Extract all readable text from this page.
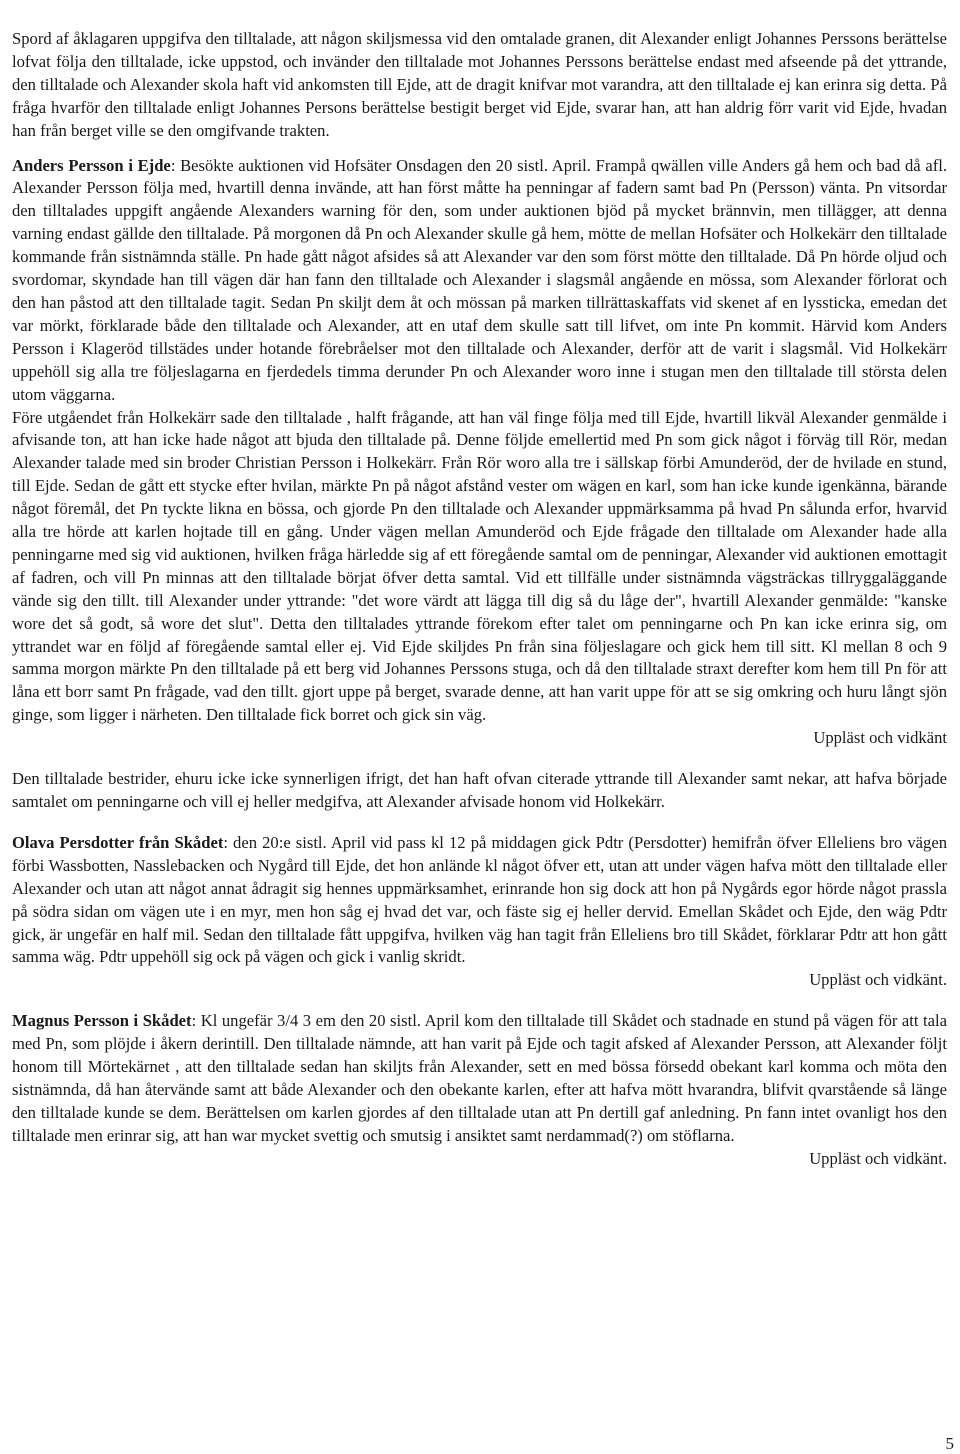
Spord af åklagaren uppgifva den tilltalade, att någon skiljsmessa vid den omtalade granen, dit Alexander enligt Johannes Perssons berättelse lofvat följa den tilltalade, icke uppstod, och invänder den tilltalade mot Johannes Perssons berättelse endast med afseende på det yttrande, den tilltalade och Alexander skola haft vid ankomsten till Ejde, att de dragit knifvar mot varandra, att den tilltalade ej kan erinra sig detta. På fråga hvarför den tilltalade enligt Johannes Persons berättelse bestigit berget vid Ejde, svarar han, att han aldrig förr varit vid Ejde, hvadan han från berget ville se den omgifvande trakten.

Anders Persson i Ejde: Besökte auktionen vid Hofsäter Onsdagen den 20 sistl. April. Frampå qwällen ville Anders gå hem och bad då afl. Alexander Persson följa med, hvartill denna invände, att han först måtte ha penningar af fadern samt bad Pn (Persson) vänta. Pn vitsordar den tilltalades uppgift angående Alexanders warning för den, som under auktionen bjöd på mycket brännvin, men tillägger, att denna varning endast gällde den tilltalade. På morgonen då Pn och Alexander skulle gå hem, mötte de mellan Hofsäter och Holkekärr den tilltalade kommande från sistnämnda ställe. Pn hade gått något afsides så att Alexander var den som först mötte den tilltalade. Då Pn hörde oljud och svordomar, skyndade han till vägen där han fann den tilltalade och Alexander i slagsmål angående en mössa, som Alexander förlorat och den han påstod att den tilltalade tagit. Sedan Pn skiljt dem åt och mössan på marken tillrättaskaffats vid skenet af en lyssticka, emedan det var mörkt, förklarade både den tilltalade och Alexander, att en utaf dem skulle satt till lifvet, om inte Pn kommit. Härvid kom Anders Persson i Klageröd tillstädes under hotande förebråelser mot den tilltalade och Alexander, derför att de varit i slagsmål. Vid Holkekärr uppehöll sig alla tre följeslagarna en fjerdedels timma derunder Pn och Alexander woro inne i stugan men den tilltalade till största delen utom väggarna.

Före utgåendet från Holkekärr sade den tilltalade , halft frågande, att han väl finge följa med till Ejde, hvartill likväl Alexander genmälde i afvisande ton, att han icke hade något att bjuda den tilltalade på. Denne följde emellertid med Pn som gick något i förväg till Rör, medan Alexander talade med sin broder Christian Persson i Holkekärr. Från Rör woro alla tre i sällskap förbi Amunderöd, der de hvilade en stund, till Ejde. Sedan de gått ett stycke efter hvilan, märkte Pn på något afstånd vester om wägen en karl, som han icke kunde igenkänna, bärande något föremål, det Pn tyckte likna en bössa, och gjorde Pn den tilltalade och Alexander uppmärksamma på hvad Pn sålunda erfor, hvarvid alla tre hörde att karlen hojtade till en gång. Under vägen mellan Amunderöd och Ejde frågade den tilltalade om Alexander hade alla penningarne med sig vid auktionen, hvilken fråga härledde sig af ett föregående samtal om de penningar, Alexander vid auktionen emottagit af fadren, och vill Pn minnas att den tilltalade börjat öfver detta samtal. Vid ett tillfälle under sistnämnda vägsträckas tillryggaläggande vände sig den tillt. till Alexander under yttrande: "det wore värdt att lägga till dig så du låge der", hvartill Alexander genmälde: "kanske wore det så godt, så wore det slut". Detta den tilltalades yttrande förekom efter talet om penningarne och Pn kan icke erinra sig, om yttrandet war en följd af föregående samtal eller ej. Vid Ejde skiljdes Pn från sina följeslagare och gick hem till sitt. Kl mellan 8 och 9 samma morgon märkte Pn den tilltalade på ett berg vid Johannes Perssons stuga, och då den tilltalade straxt derefter kom hem till Pn för att låna ett borr samt Pn frågade, vad den tillt. gjort uppe på berget, svarade denne, att han varit uppe för att se sig omkring och huru långt sjön ginge, som ligger i närheten. Den tilltalade fick borret och gick sin väg.

Uppläst och vidkänt

Den tilltalade bestrider, ehuru icke icke synnerligen ifrigt, det han haft ofvan citerade yttrande till Alexander samt nekar, att hafva började samtalet om penningarne och vill ej heller medgifva, att Alexander afvisade honom vid Holkekärr.

Olava Persdotter från Skådet: den 20:e sistl. April vid pass kl 12 på middagen gick Pdtr (Persdotter) hemifrån öfver Elleliens bro vägen förbi Wassbotten, Nasslebacken och Nygård till Ejde, det hon anlände kl något öfver ett, utan att under vägen hafva mött den tilltalade eller Alexander och utan att något annat ådragit sig hennes uppmärksamhet, erinrande hon sig dock att hon på Nygårds egor hörde något prassla på södra sidan om vägen ute i en myr, men hon såg ej hvad det var, och fäste sig ej heller dervid. Emellan Skådet och Ejde, den wäg Pdtr gick, är ungefär en half mil. Sedan den tilltalade fått uppgifva, hvilken väg han tagit från Elleliens bro till Skådet, förklarar Pdtr att hon gått samma wäg. Pdtr uppehöll sig ock på vägen och gick i vanlig skridt.

Uppläst och vidkänt.

Magnus Persson i Skådet: Kl ungefär 3/4 3 em den 20 sistl. April kom den tilltalade till Skådet och stadnade en stund på vägen för att tala med Pn, som plöjde i åkern derintill. Den tilltalade nämnde, att han varit på Ejde och tagit afsked af Alexander Persson, att Alexander följt honom till Mörtekärnet , att den tilltalade sedan han skiljts från Alexander, sett en med bössa försedd obekant karl komma och möta den sistnämnda, då han återvände samt att både Alexander och den obekante karlen, efter att hafva mött hvarandra, blifvit qvarstående så länge den tilltalade kunde se dem. Berättelsen om karlen gjordes af den tilltalade utan att Pn dertill gaf anledning. Pn fann intet ovanligt hos den tilltalade men erinrar sig, att han war mycket svettig och smutsig i ansiktet samt nerdammad(?) om stöflarna.

Uppläst och vidkänt.

5
